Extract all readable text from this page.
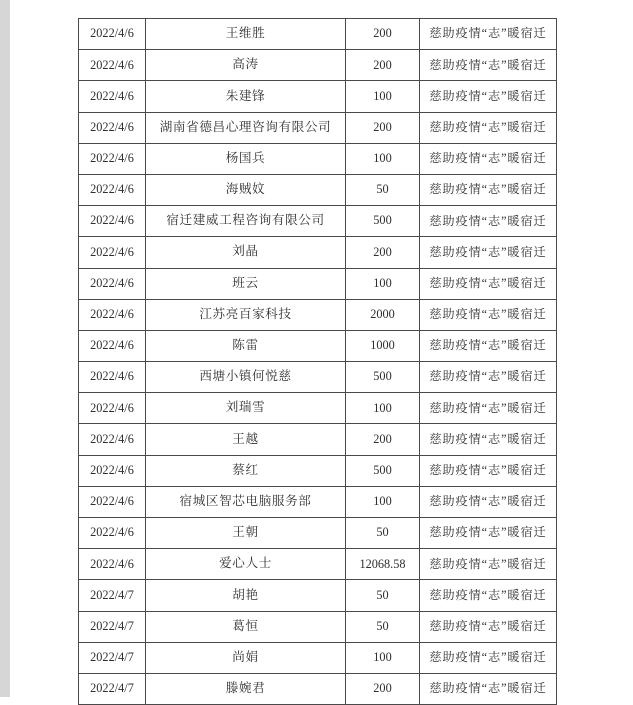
2022/4/6	王维胜	200	慈助疫情“志”暖宿迁
2022/4/6	高涛	200	慈助疫情“志”暖宿迁
2022/4/6	朱建锋	100	慈助疫情“志”暖宿迁
2022/4/6	湖南省德昌心理咨询有限公司	200	慈助疫情“志”暖宿迁
2022/4/6	杨国兵	100	慈助疫情“志”暖宿迁
2022/4/6	海贼妏	50	慈助疫情“志”暖宿迁
2022/4/6	宿迁建威工程咨询有限公司	500	慈助疫情“志”暖宿迁
2022/4/6	刘晶	200	慈助疫情“志”暖宿迁
2022/4/6	班云	100	慈助疫情“志”暖宿迁
2022/4/6	江苏亮百家科技	2000	慈助疫情“志”暖宿迁
2022/4/6	陈雷	1000	慈助疫情“志”暖宿迁
2022/4/6	西塘小镇何悦慈	500	慈助疫情“志”暖宿迁
2022/4/6	刘瑞雪	100	慈助疫情“志”暖宿迁
2022/4/6	王越	200	慈助疫情“志”暖宿迁
2022/4/6	蔡红	500	慈助疫情“志”暖宿迁
2022/4/6	宿城区智芯电脑服务部	100	慈助疫情“志”暖宿迁
2022/4/6	王朝	50	慈助疫情“志”暖宿迁
2022/4/6	爱心人士	12068.58	慈助疫情“志”暖宿迁
2022/4/7	胡艳	50	慈助疫情“志”暖宿迁
2022/4/7	葛恒	50	慈助疫情“志”暖宿迁
2022/4/7	尚娟	100	慈助疫情“志”暖宿迁
2022/4/7	滕婉君	200	慈助疫情“志”暖宿迁
